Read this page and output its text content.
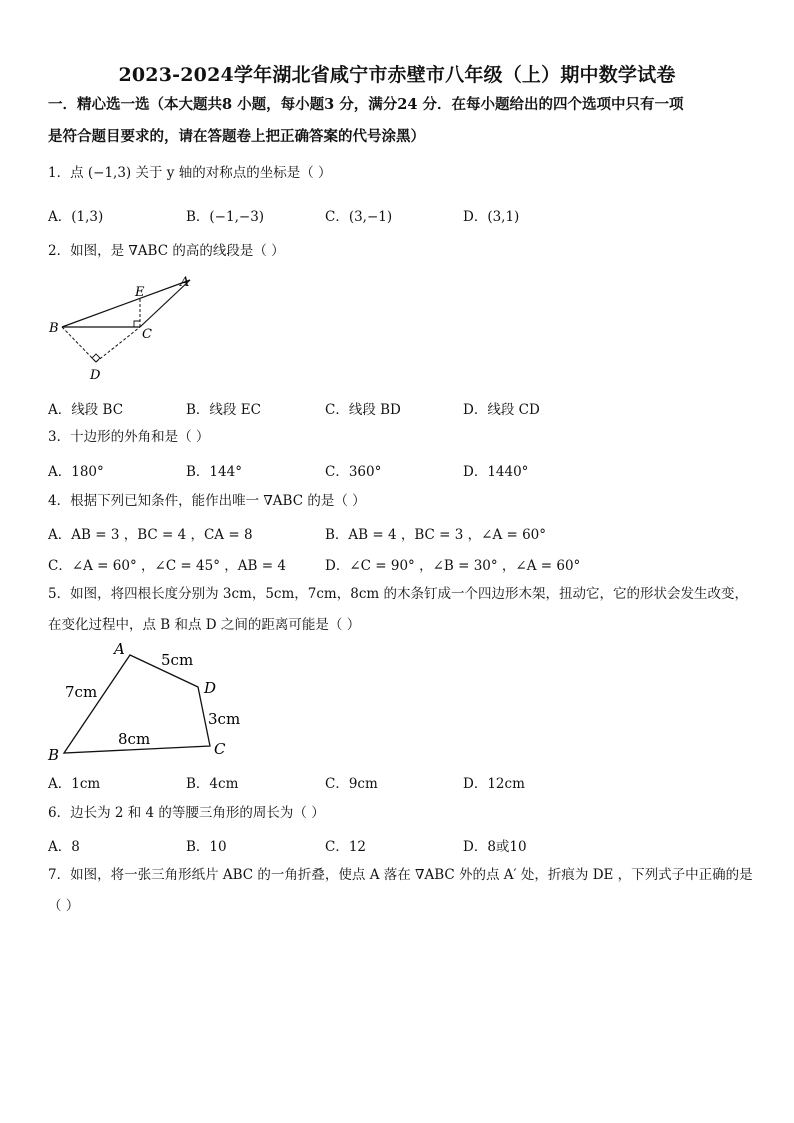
2023-2024学年湖北省咸宁市赤壁市八年级（上）期中数学试卷
一．精心选一选（本大题共8 小题，每小题3 分，满分24 分．在每小题给出的四个选项中只有一项
是符合题目要求的，请在答题卷上把正确答案的代号涂黑）
1．点 (−1,3) 关于 y 轴的对称点的坐标是（ ）
A．(1,3)	B．(−1,−3)	C．(3,−1)	D．(3,1)
2．如图，是 ∇ABC 的高的线段是（ ）
A
B	C
D
E
A．线段 BC	B．线段 EC	C．线段 BD	D．线段 CD
3．十边形的外角和是（ ）
A．180°	B．144°	C．360°	D．1440°
4．根据下列已知条件，能作出唯一 ∇ABC 的是（ ）
A．AB = 3 ，BC = 4 ，CA = 8	B．AB = 4 ，BC = 3 ，∠A = 60°
C．∠A = 60° ，∠C = 45° ，AB = 4	D．∠C = 90° ，∠B = 30° ，∠A = 60°
5．如图，将四根长度分别为 3cm，5cm，7cm，8cm 的木条钉成一个四边形木架，扭动它，它的形状会发生改变，
在变化过程中，点 B 和点 D 之间的距离可能是（ ）
A
B	C
D
5cm
7cm
3cm
8cm
A．1cm	B．4cm	C．9cm	D．12cm
6．边长为 2 和 4 的等腰三角形的周长为（ ）
A．8	B．10	C．12	D．8或10
7．如图，将一张三角形纸片 ABC 的一角折叠，使点 A 落在 ∇ABC 外的点 A′ 处，折痕为 DE ，下列式子中正确的是
（ ）
